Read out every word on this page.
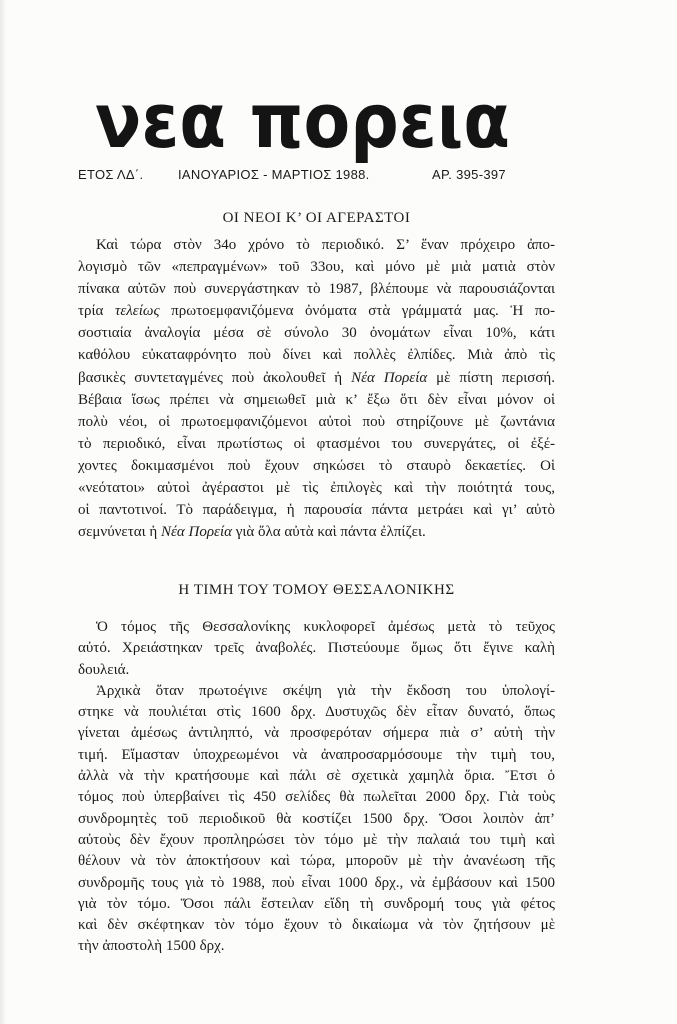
νεα πορεια
ΕΤΟΣ ΛΔ΄.	ΙΑΝΟΥΑΡΙΟΣ - ΜΑΡΤΙΟΣ 1988.	ΑΡ. 395-397
ΟΙ ΝΕΟΙ Κ’ ΟΙ ΑΓΕΡΑΣΤΟΙ
Καὶ τώρα στὸν 34ο χρόνο τὸ περιοδικό. Σ’ ἕναν πρόχειρο ἀπο-
λογισμὸ τῶν «πεπραγμένων» τοῦ 33ου, καὶ μόνο μὲ μιὰ ματιὰ στὸν
πίνακα αὐτῶν ποὺ συνεργάστηκαν τὸ 1987, βλέπουμε νὰ παρουσιάζονται
τρία τελείως πρωτοεμφανιζόμενα ὀνόματα στὰ γράμματά μας. Ἡ πο-
σοστιαία ἀναλογία μέσα σὲ σύνολο 30 ὀνομάτων εἶναι 10%, κάτι
καθόλου εὐκαταφρόνητο ποὺ δίνει καὶ πολλὲς ἐλπίδες. Μιὰ ἀπὸ τὶς
βασικὲς συντεταγμένες ποὺ ἀκολουθεῖ ἡ Νέα Πορεία μὲ πίστη περισσή.
Βέβαια ἴσως πρέπει νὰ σημειωθεῖ μιὰ κ’ ἔξω ὅτι δὲν εἶναι μόνον οἱ
πολὺ νέοι, οἱ πρωτοεμφανιζόμενοι αὐτοὶ ποὺ στηρίζουνε μὲ ζωντάνια
τὸ περιοδικό, εἶναι πρωτίστως οἱ φτασμένοι του συνεργάτες, οἱ ἐξέ-
χοντες δοκιμασμένοι ποὺ ἔχουν σηκώσει τὸ σταυρὸ δεκαετίες. Οἱ
«νεότατοι» αὐτοὶ ἀγέραστοι μὲ τὶς ἐπιλογὲς καὶ τὴν ποιότητά τους,
οἱ παντοτινοί. Τὸ παράδειγμα, ἡ παρουσία πάντα μετράει καὶ γι’ αὐτὸ
σεμνύνεται ἡ Νέα Πορεία γιὰ ὅλα αὐτὰ καὶ πάντα ἐλπίζει.
Η ΤΙΜΗ ΤΟΥ ΤΟΜΟΥ ΘΕΣΣΑΛΟΝΙΚΗΣ
Ὁ τόμος τῆς Θεσσαλονίκης κυκλοφορεῖ ἀμέσως μετὰ τὸ τεῦχος
αὐτό. Χρειάστηκαν τρεῖς ἀναβολές. Πιστεύουμε ὅμως ὅτι ἔγινε καλὴ
δουλειά.
Ἀρχικὰ ὅταν πρωτοέγινε σκέψη γιὰ τὴν ἔκδοση του ὑπολογί-
στηκε νὰ πουλιέται στὶς 1600 δρχ. Δυστυχῶς δὲν εἶταν δυνατό, ὅπως
γίνεται ἀμέσως ἀντιληπτό, νὰ προσφερόταν σήμερα πιὰ σ’ αὐτὴ τὴν
τιμή. Εἴμασταν ὑποχρεωμένοι νὰ ἀναπροσαρμόσουμε τὴν τιμὴ του,
ἀλλὰ νὰ τὴν κρατήσουμε καὶ πάλι σὲ σχετικὰ χαμηλὰ ὅρια. Ἔτσι ὁ
τόμος ποὺ ὑπερβαίνει τὶς 450 σελίδες θὰ πωλεῖται 2000 δρχ. Γιὰ τοὺς
συνδρομητὲς τοῦ περιοδικοῦ θὰ κοστίζει 1500 δρχ. Ὅσοι λοιπὸν ἀπ’
αὐτοὺς δὲν ἔχουν προπληρώσει τὸν τόμο μὲ τὴν παλαιά του τιμὴ καὶ
θέλουν νὰ τὸν ἀποκτήσουν καὶ τώρα, μποροῦν μὲ τὴν ἀνανέωση τῆς
συνδρομῆς τους γιὰ τὸ 1988, ποὺ εἶναι 1000 δρχ., νὰ ἐμβάσουν καὶ 1500
γιὰ τὸν τόμο. Ὅσοι πάλι ἔστειλαν εἴδη τὴ συνδρομή τους γιὰ φέτος
καὶ δὲν σκέφτηκαν τὸν τόμο ἔχουν τὸ δικαίωμα νὰ τὸν ζητήσουν μὲ
τὴν ἀποστολὴ 1500 δρχ.
